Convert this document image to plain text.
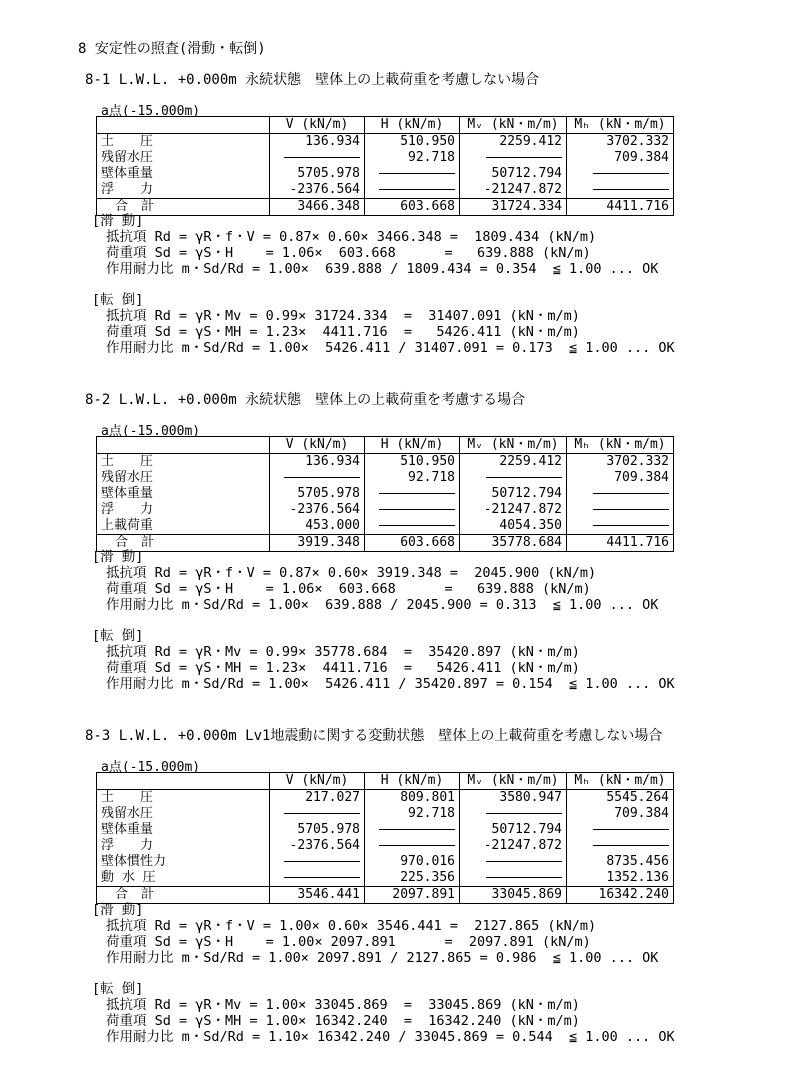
8 安定性の照査(滑動・転倒)
8-1 L.W.L. +0.000m 永続状態　壁体上の上載荷重を考慮しない場合
a点(-15.000m)
	V (kN/m)	H (kN/m)	Mᵥ (kN・m/m)	Mₕ (kN・m/m)
土　　圧	136.934	510.950	2259.412	3702.332
残留水圧		92.718		709.384
壁体重量	5705.978		50712.794	
浮　　力	-2376.564		-21247.872	
合　計	3466.348	603.668	31724.334	4411.716
[滑 動]
抵抗項 Rd = γR・f・V = 0.87× 0.60× 3466.348 =  1809.434 (kN/m)
荷重項 Sd = γS・H    = 1.06×  603.668      =   639.888 (kN/m)
作用耐力比 m・Sd/Rd = 1.00×  639.888 / 1809.434 = 0.354  ≦ 1.00 ... OK
[転 倒]
抵抗項 Rd = γR・Mv = 0.99× 31724.334  =  31407.091 (kN・m/m)
荷重項 Sd = γS・MH = 1.23×  4411.716  =   5426.411 (kN・m/m)
作用耐力比 m・Sd/Rd = 1.00×  5426.411 / 31407.091 = 0.173  ≦ 1.00 ... OK
8-2 L.W.L. +0.000m 永続状態　壁体上の上載荷重を考慮する場合
a点(-15.000m)
	V (kN/m)	H (kN/m)	Mᵥ (kN・m/m)	Mₕ (kN・m/m)
土　　圧	136.934	510.950	2259.412	3702.332
残留水圧		92.718		709.384
壁体重量	5705.978		50712.794	
浮　　力	-2376.564		-21247.872	
上載荷重	453.000		4054.350	
合　計	3919.348	603.668	35778.684	4411.716
[滑 動]
抵抗項 Rd = γR・f・V = 0.87× 0.60× 3919.348 =  2045.900 (kN/m)
荷重項 Sd = γS・H    = 1.06×  603.668      =   639.888 (kN/m)
作用耐力比 m・Sd/Rd = 1.00×  639.888 / 2045.900 = 0.313  ≦ 1.00 ... OK
[転 倒]
抵抗項 Rd = γR・Mv = 0.99× 35778.684  =  35420.897 (kN・m/m)
荷重項 Sd = γS・MH = 1.23×  4411.716  =   5426.411 (kN・m/m)
作用耐力比 m・Sd/Rd = 1.00×  5426.411 / 35420.897 = 0.154  ≦ 1.00 ... OK
8-3 L.W.L. +0.000m Lv1地震動に関する変動状態　壁体上の上載荷重を考慮しない場合
a点(-15.000m)
	V (kN/m)	H (kN/m)	Mᵥ (kN・m/m)	Mₕ (kN・m/m)
土　　圧	217.027	809.801	3580.947	5545.264
残留水圧		92.718		709.384
壁体重量	5705.978		50712.794	
浮　　力	-2376.564		-21247.872	
壁体慣性力		970.016		8735.456
動 水 圧		225.356		1352.136
合　計	3546.441	2097.891	33045.869	16342.240
[滑 動]
抵抗項 Rd = γR・f・V = 1.00× 0.60× 3546.441 =  2127.865 (kN/m)
荷重項 Sd = γS・H    = 1.00× 2097.891      =  2097.891 (kN/m)
作用耐力比 m・Sd/Rd = 1.00× 2097.891 / 2127.865 = 0.986  ≦ 1.00 ... OK
[転 倒]
抵抗項 Rd = γR・Mv = 1.00× 33045.869  =  33045.869 (kN・m/m)
荷重項 Sd = γS・MH = 1.00× 16342.240  =  16342.240 (kN・m/m)
作用耐力比 m・Sd/Rd = 1.10× 16342.240 / 33045.869 = 0.544  ≦ 1.00 ... OK
